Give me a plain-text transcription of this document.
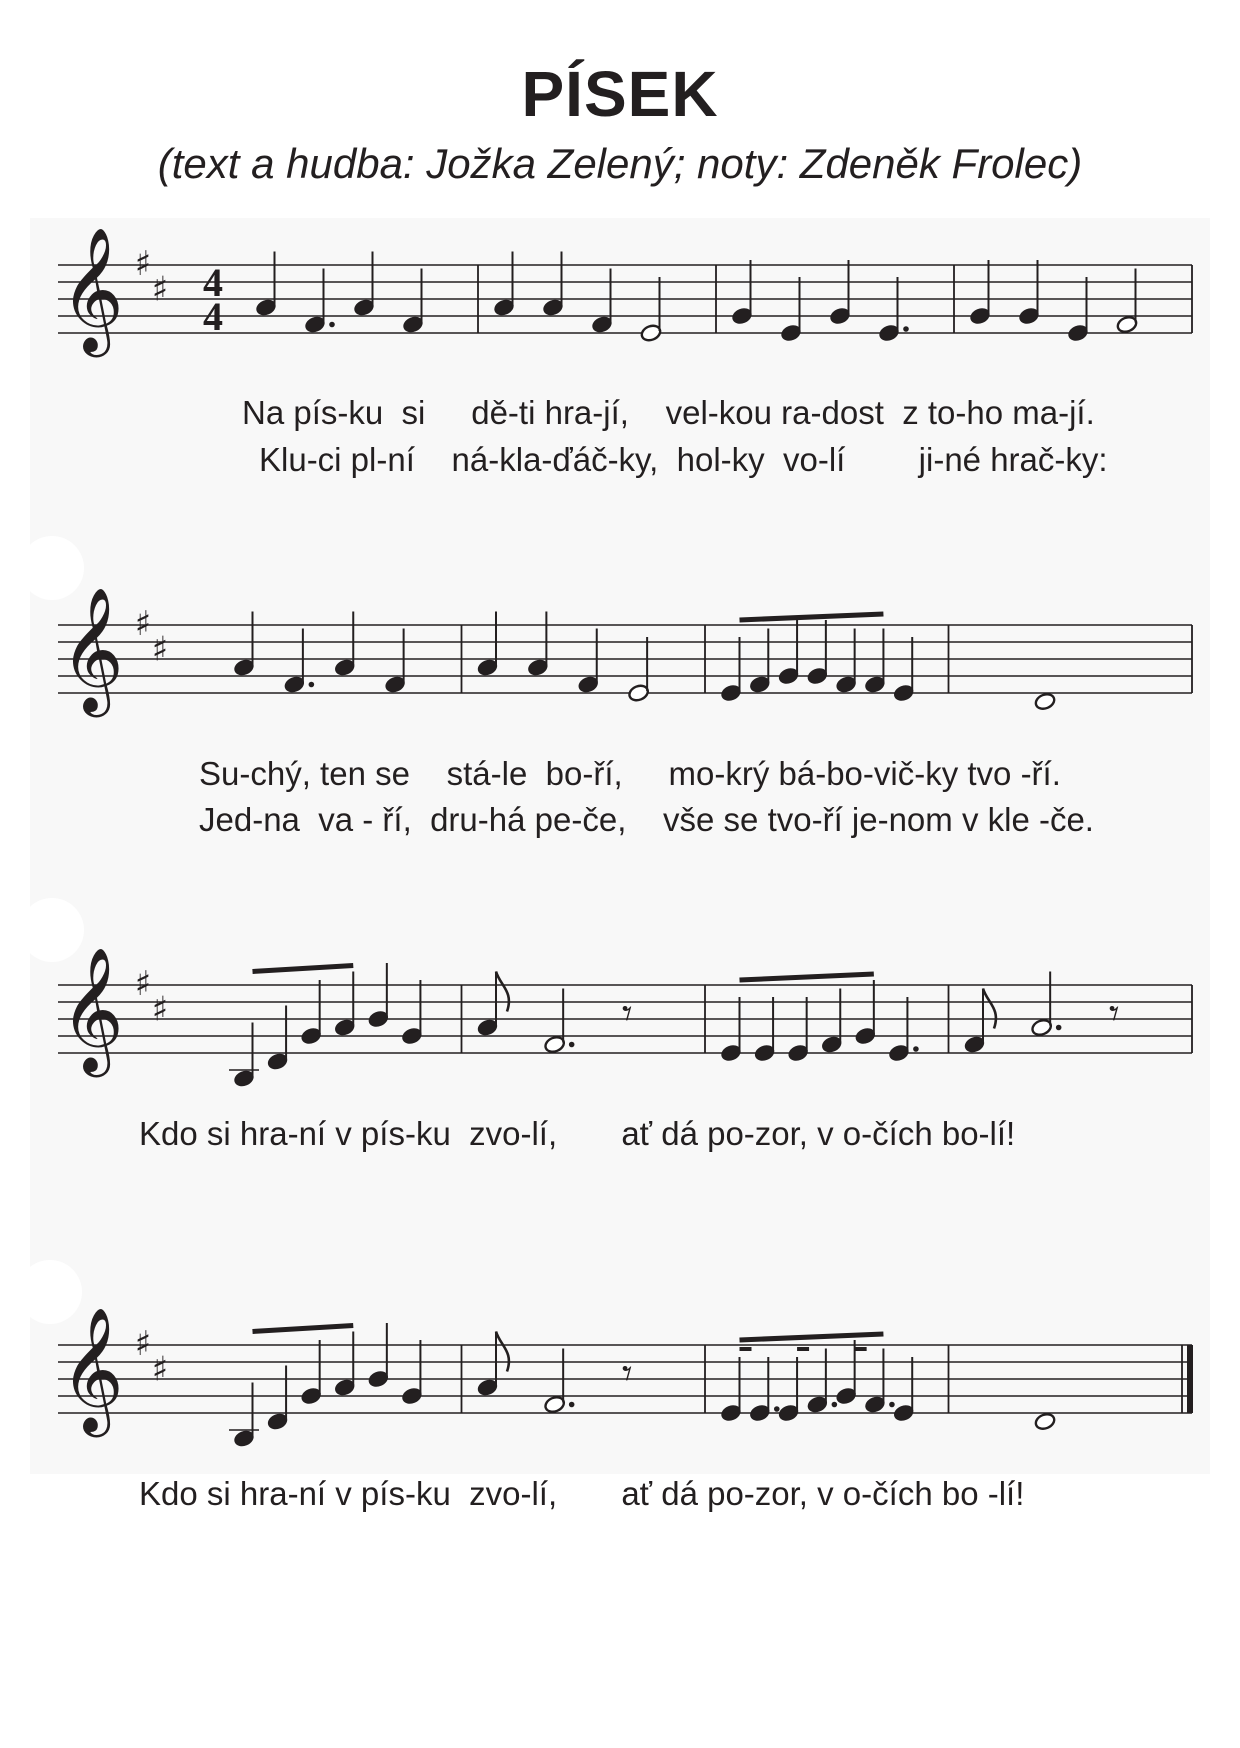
PÍSEK
(text a hudba: Jožka Zelený; noty: Zdeněk Frolec)
𝄞 ♯
♯ 4
4
Na pís-ku  si     dě-ti hra-jí,    vel-kou ra-dost  z to-ho ma-jí.
Klu-ci pl-ní    ná-kla-ďáč-ky,  hol-ky  vo-lí        ji-né hrač-ky:
𝄞 ♯
♯
Su-chý, ten se    stá-le  bo-ří,     mo-krý bá-bo-vič-ky tvo -ří.
Jed-na  va - ří,  dru-há pe-če,    vše se tvo-ří je-nom v kle -če.
𝄞 ♯
♯	𝄾	𝄾
Kdo si hra-ní v pís-ku  zvo-lí,       ať dá po-zor, v o-čích bo-lí!
𝄞 ♯
♯	𝄾
Kdo si hra-ní v pís-ku  zvo-lí,       ať dá po-zor, v o-čích bo -lí!
